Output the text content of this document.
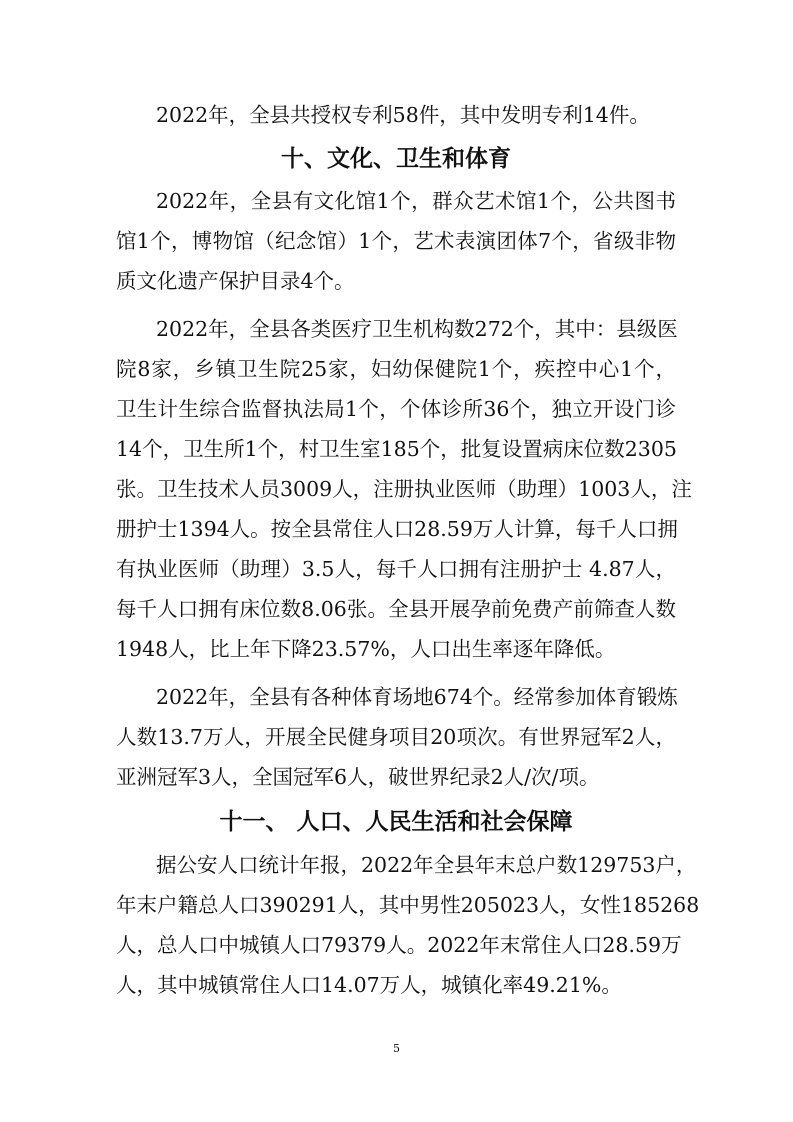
2022年，全县共授权专利58件，其中发明专利14件。
十、文化、卫生和体育
2022年，全县有文化馆1个，群众艺术馆1个，公共图书
馆1个，博物馆（纪念馆）1个，艺术表演团体7个，省级非物
质文化遗产保护目录4个。
2022年，全县各类医疗卫生机构数272个，其中：县级医
院8家，乡镇卫生院25家，妇幼保健院1个，疾控中心1个，
卫生计生综合监督执法局1个，个体诊所36个，独立开设门诊
14个，卫生所1个，村卫生室185个，批复设置病床位数2305
张。卫生技术人员3009人，注册执业医师（助理）1003人，注
册护士1394人。按全县常住人口28.59万人计算，每千人口拥
有执业医师（助理）3.5人，每千人口拥有注册护士 4.87人，
每千人口拥有床位数8.06张。全县开展孕前免费产前筛查人数
1948人，比上年下降23.57%，人口出生率逐年降低。
2022年，全县有各种体育场地674个。经常参加体育锻炼
人数13.7万人，开展全民健身项目20项次。有世界冠军2人，
亚洲冠军3人，全国冠军6人，破世界纪录2人/次/项。
十一、 人口、人民生活和社会保障
据公安人口统计年报，2022年全县年末总户数129753户，
年末户籍总人口390291人，其中男性205023人，女性185268
人，总人口中城镇人口79379人。2022年末常住人口28.59万
人，其中城镇常住人口14.07万人，城镇化率49.21%。
5
